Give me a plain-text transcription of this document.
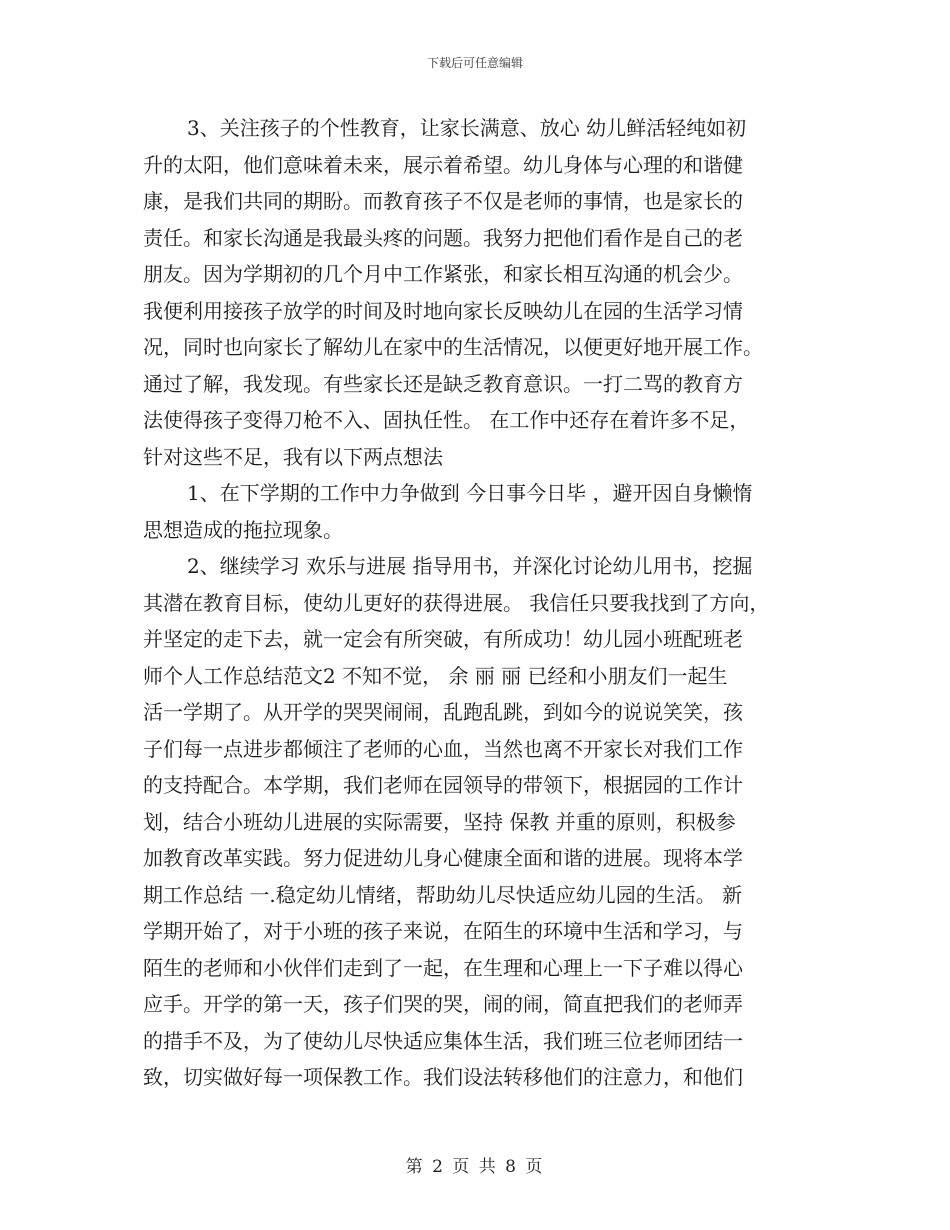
下载后可任意编辑

3、关注孩子的个性教育，让家长满意、放心 幼儿鲜活轻纯如初
升的太阳，他们意味着未来，展示着希望。幼儿身体与心理的和谐健
康，是我们共同的期盼。而教育孩子不仅是老师的事情，也是家长的
责任。和家长沟通是我最头疼的问题。我努力把他们看作是自己的老
朋友。因为学期初的几个月中工作紧张，和家长相互沟通的机会少。
我便利用接孩子放学的时间及时地向家长反映幼儿在园的生活学习情
况，同时也向家长了解幼儿在家中的生活情况，以便更好地开展工作。
通过了解，我发现。有些家长还是缺乏教育意识。一打二骂的教育方
法使得孩子变得刀枪不入、固执任性。 在工作中还存在着许多不足，
针对这些不足，我有以下两点想法

1、在下学期的工作中力争做到 今日事今日毕 ，避开因自身懒惰
思想造成的拖拉现象。

2、继续学习 欢乐与进展 指导用书，并深化讨论幼儿用书，挖掘
其潜在教育目标，使幼儿更好的获得进展。 我信任只要我找到了方向，
并坚定的走下去，就一定会有所突破，有所成功！幼儿园小班配班老
师个人工作总结范文2 不知不觉， 余 丽 丽 已经和小朋友们一起生
活一学期了。从开学的哭哭闹闹，乱跑乱跳，到如今的说说笑笑，孩
子们每一点进步都倾注了老师的心血，当然也离不开家长对我们工作
的支持配合。本学期，我们老师在园领导的带领下，根据园的工作计
划，结合小班幼儿进展的实际需要，坚持 保教 并重的原则，积极参
加教育改革实践。努力促进幼儿身心健康全面和谐的进展。现将本学
期工作总结 一.稳定幼儿情绪，帮助幼儿尽快适应幼儿园的生活。 新
学期开始了，对于小班的孩子来说，在陌生的环境中生活和学习，与
陌生的老师和小伙伴们走到了一起，在生理和心理上一下子难以得心
应手。开学的第一天，孩子们哭的哭，闹的闹，简直把我们的老师弄
的措手不及，为了使幼儿尽快适应集体生活，我们班三位老师团结一
致，切实做好每一项保教工作。我们设法转移他们的注意力，和他们

第 2 页 共 8 页
